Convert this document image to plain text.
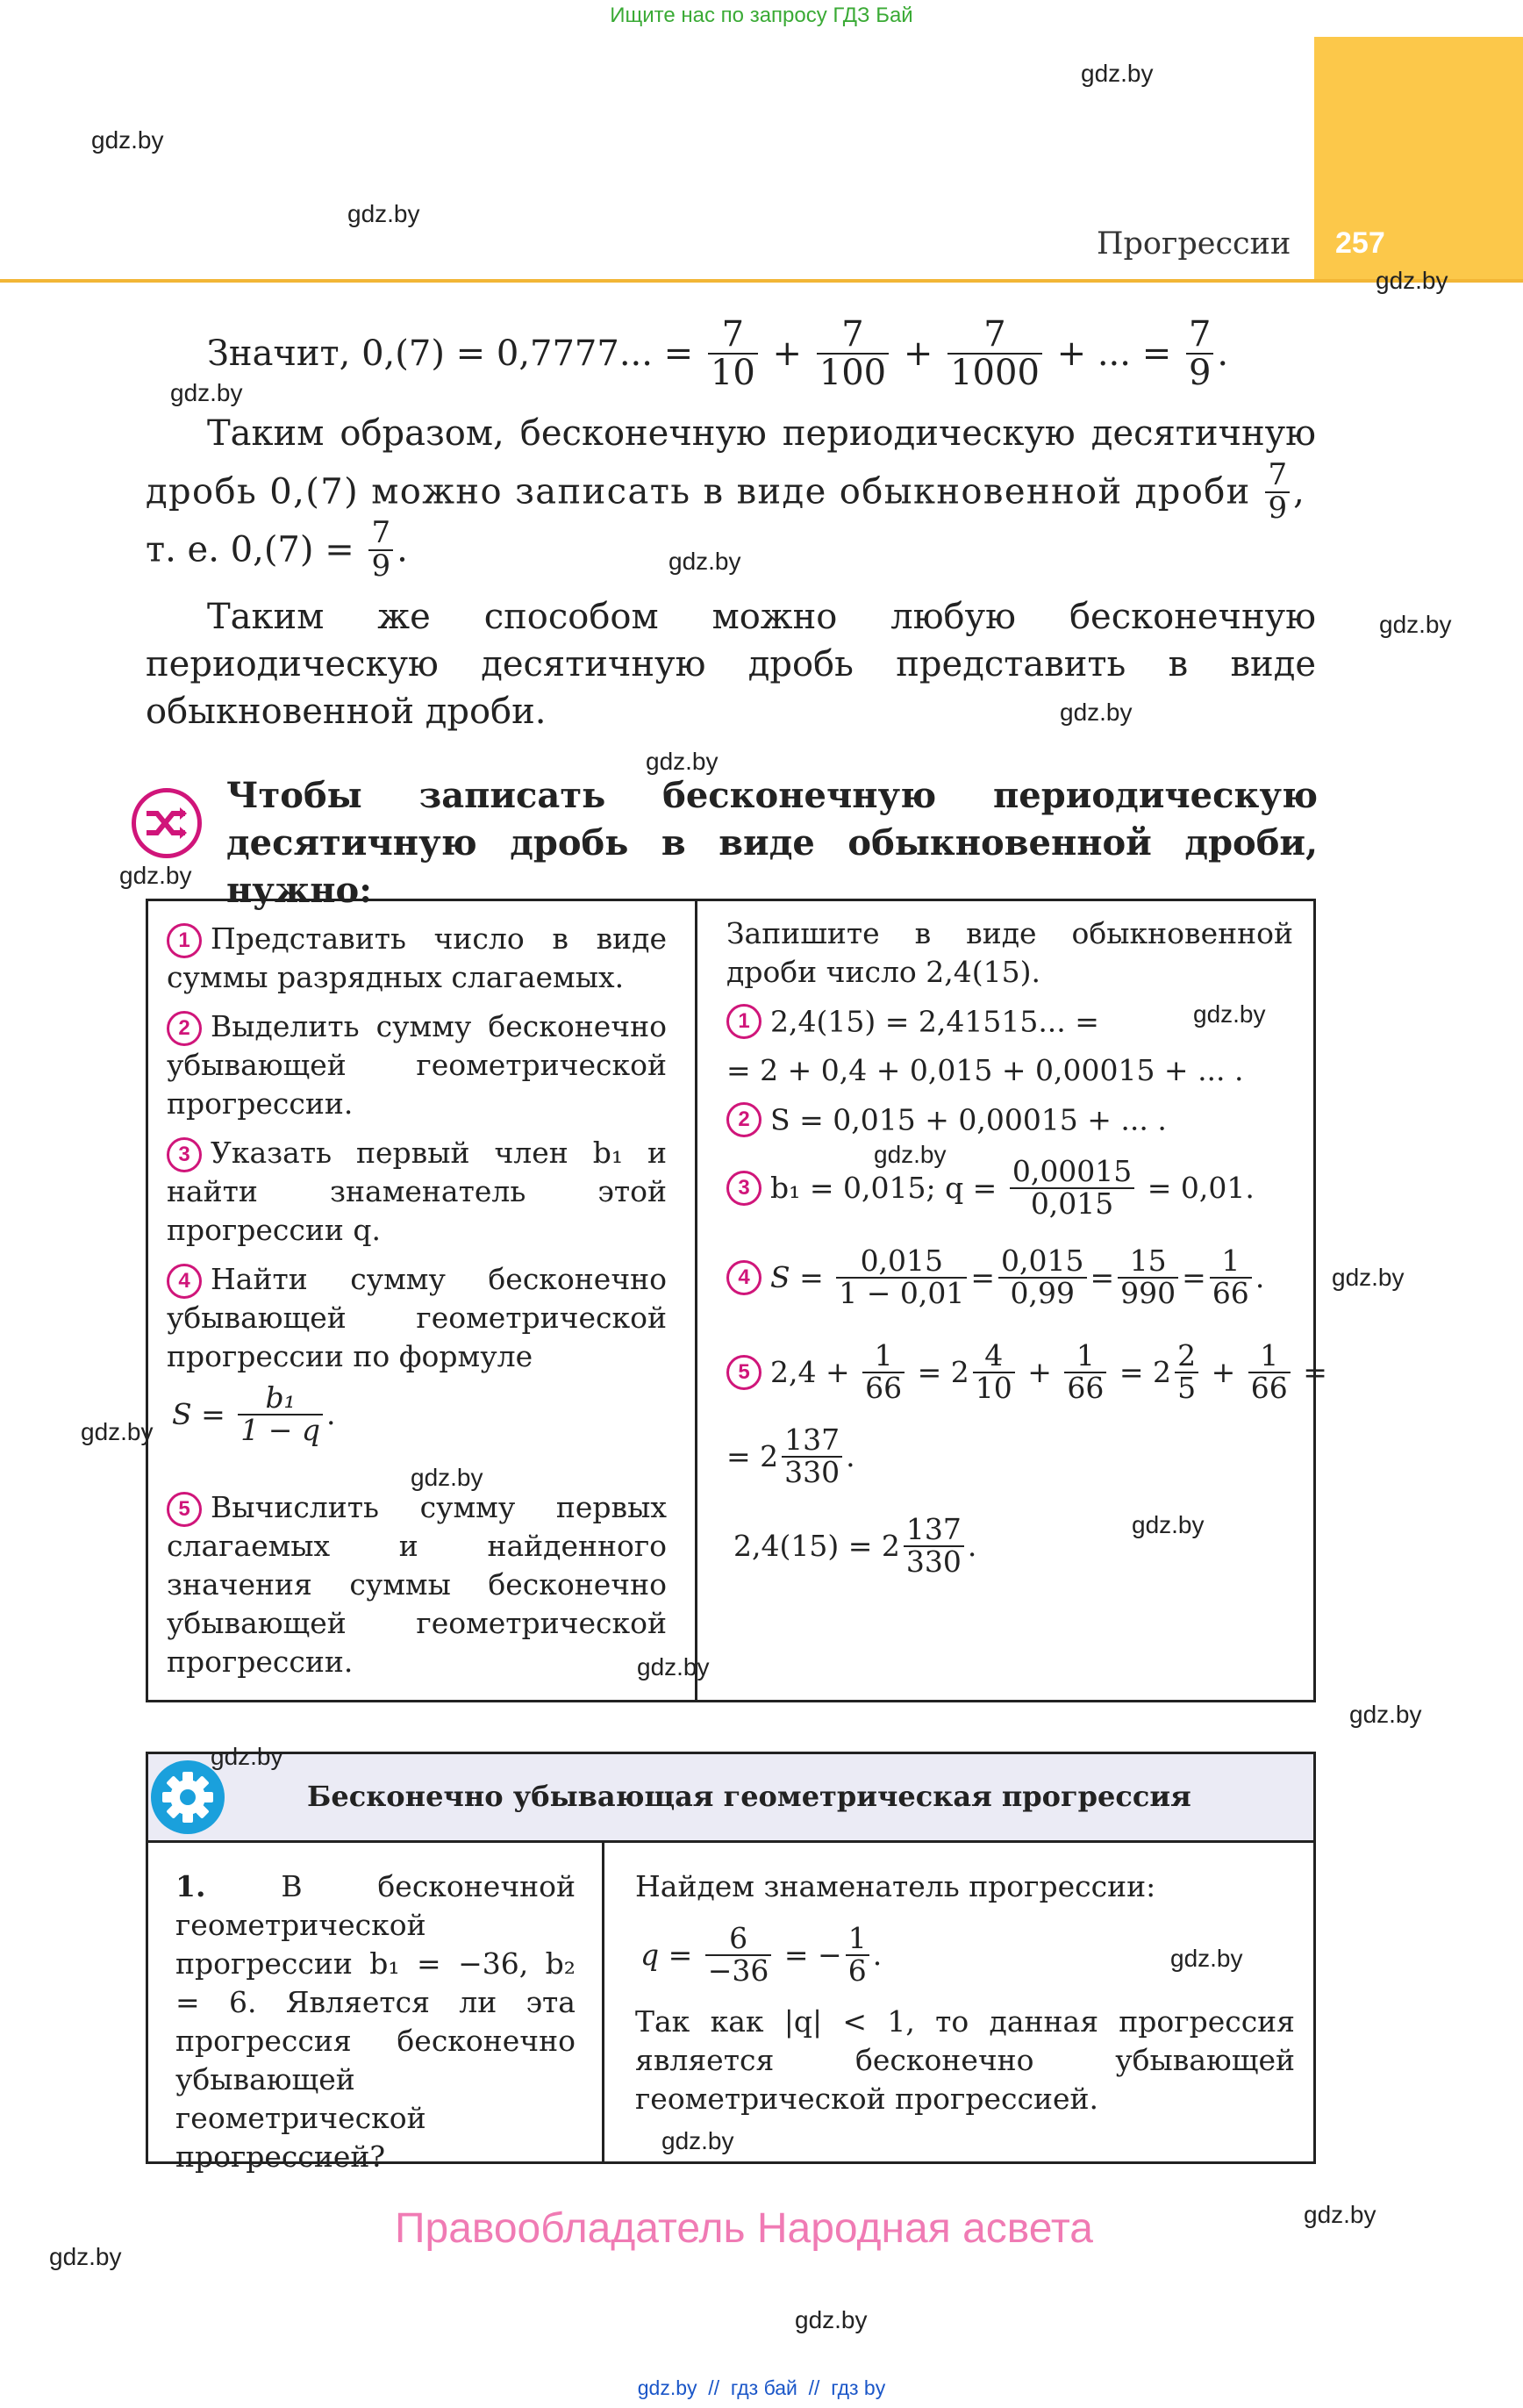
Ищите нас по запросу ГДЗ Бай
Прогрессии 257
Значит, 0,(7) = 0,7777... = $\frac{7}{10} + \frac{7}{100} + \frac{7}{1000}$ + ... = $\frac{7}{9}$ .
Таким образом, бесконечную периодическую десятичную
дробь 0,(7) можно записать в виде обыкновенной дроби $\frac{7}{9}$ ,
т. е. $0,(7) = \frac{7}{9}$ .
Таким же способом можно любую бесконечную периодическую десятичную дробь представить в виде обыкновенной дроби.
Чтобы записать бесконечную периодическую десятичную дробь в виде обыкновенной дроби, нужно:
1 Представить число в виде суммы разрядных слагаемых.
2 Выделить сумму бесконечно убывающей геометрической прогрессии.
3 Указать первый член b₁ и найти знаменатель этой прогрессии q.
4 Найти сумму бесконечно убывающей геометрической прогрессии по формуле
$S = \frac{\text{b₁}}{1 - q}$ .
5 Вычислить сумму первых слагаемых и найденного значения суммы бесконечно убывающей геометрической прогрессии.
Запишите в виде обыкновенной дроби число 2,4(15).
1 2,4(15) = 2,41515... =
= 2 + 0,4 + 0,015 + 0,00015 + ... .
2 S = 0,015 + 0,00015 + ... .
3 b₁ = 0,015; $q = \frac{0,00015}{0,015} = 0,01$.
4 $S = \frac{0,015}{1 - 0,01} = \frac{0,015}{0,99} = \frac{15}{990} = \frac{1}{66}$ .
5 $2,4 + \frac{1}{66} = 2 \frac{4}{10} + \frac{1}{66} = 2 \frac{2}{5} + \frac{1}{66}$ =
= $2 \frac{137}{330}$ .
$2,4(15) = 2 \frac{137}{330}$ .
Бесконечно убывающая геометрическая прогрессия
1.	В бесконечной геометрической прогрессии b₁ = −36, b₂ = 6. Является ли эта прогрессия бесконечно убывающей геометрической прогрессией?
Найдем знаменатель прогрессии:
$q = \frac{6}{-36}$ = − $\frac{1}{6}$ .
Так как |q| < 1, то данная прогрессия является бесконечно убывающей геометрической прогрессией.
Правообладатель Народная асвета
gdz.by  //  гдз бай  //  гдз by
gdz.by
gdz.by
gdz.by
gdz.by
gdz.by
gdz.by
gdz.by
gdz.by
gdz.by
gdz.by
gdz.by
gdz.by
gdz.by
gdz.by
gdz.by
gdz.by
gdz.by
gdz.by
gdz.by
gdz.by
gdz.by
gdz.by
gdz.by
gdz.by
